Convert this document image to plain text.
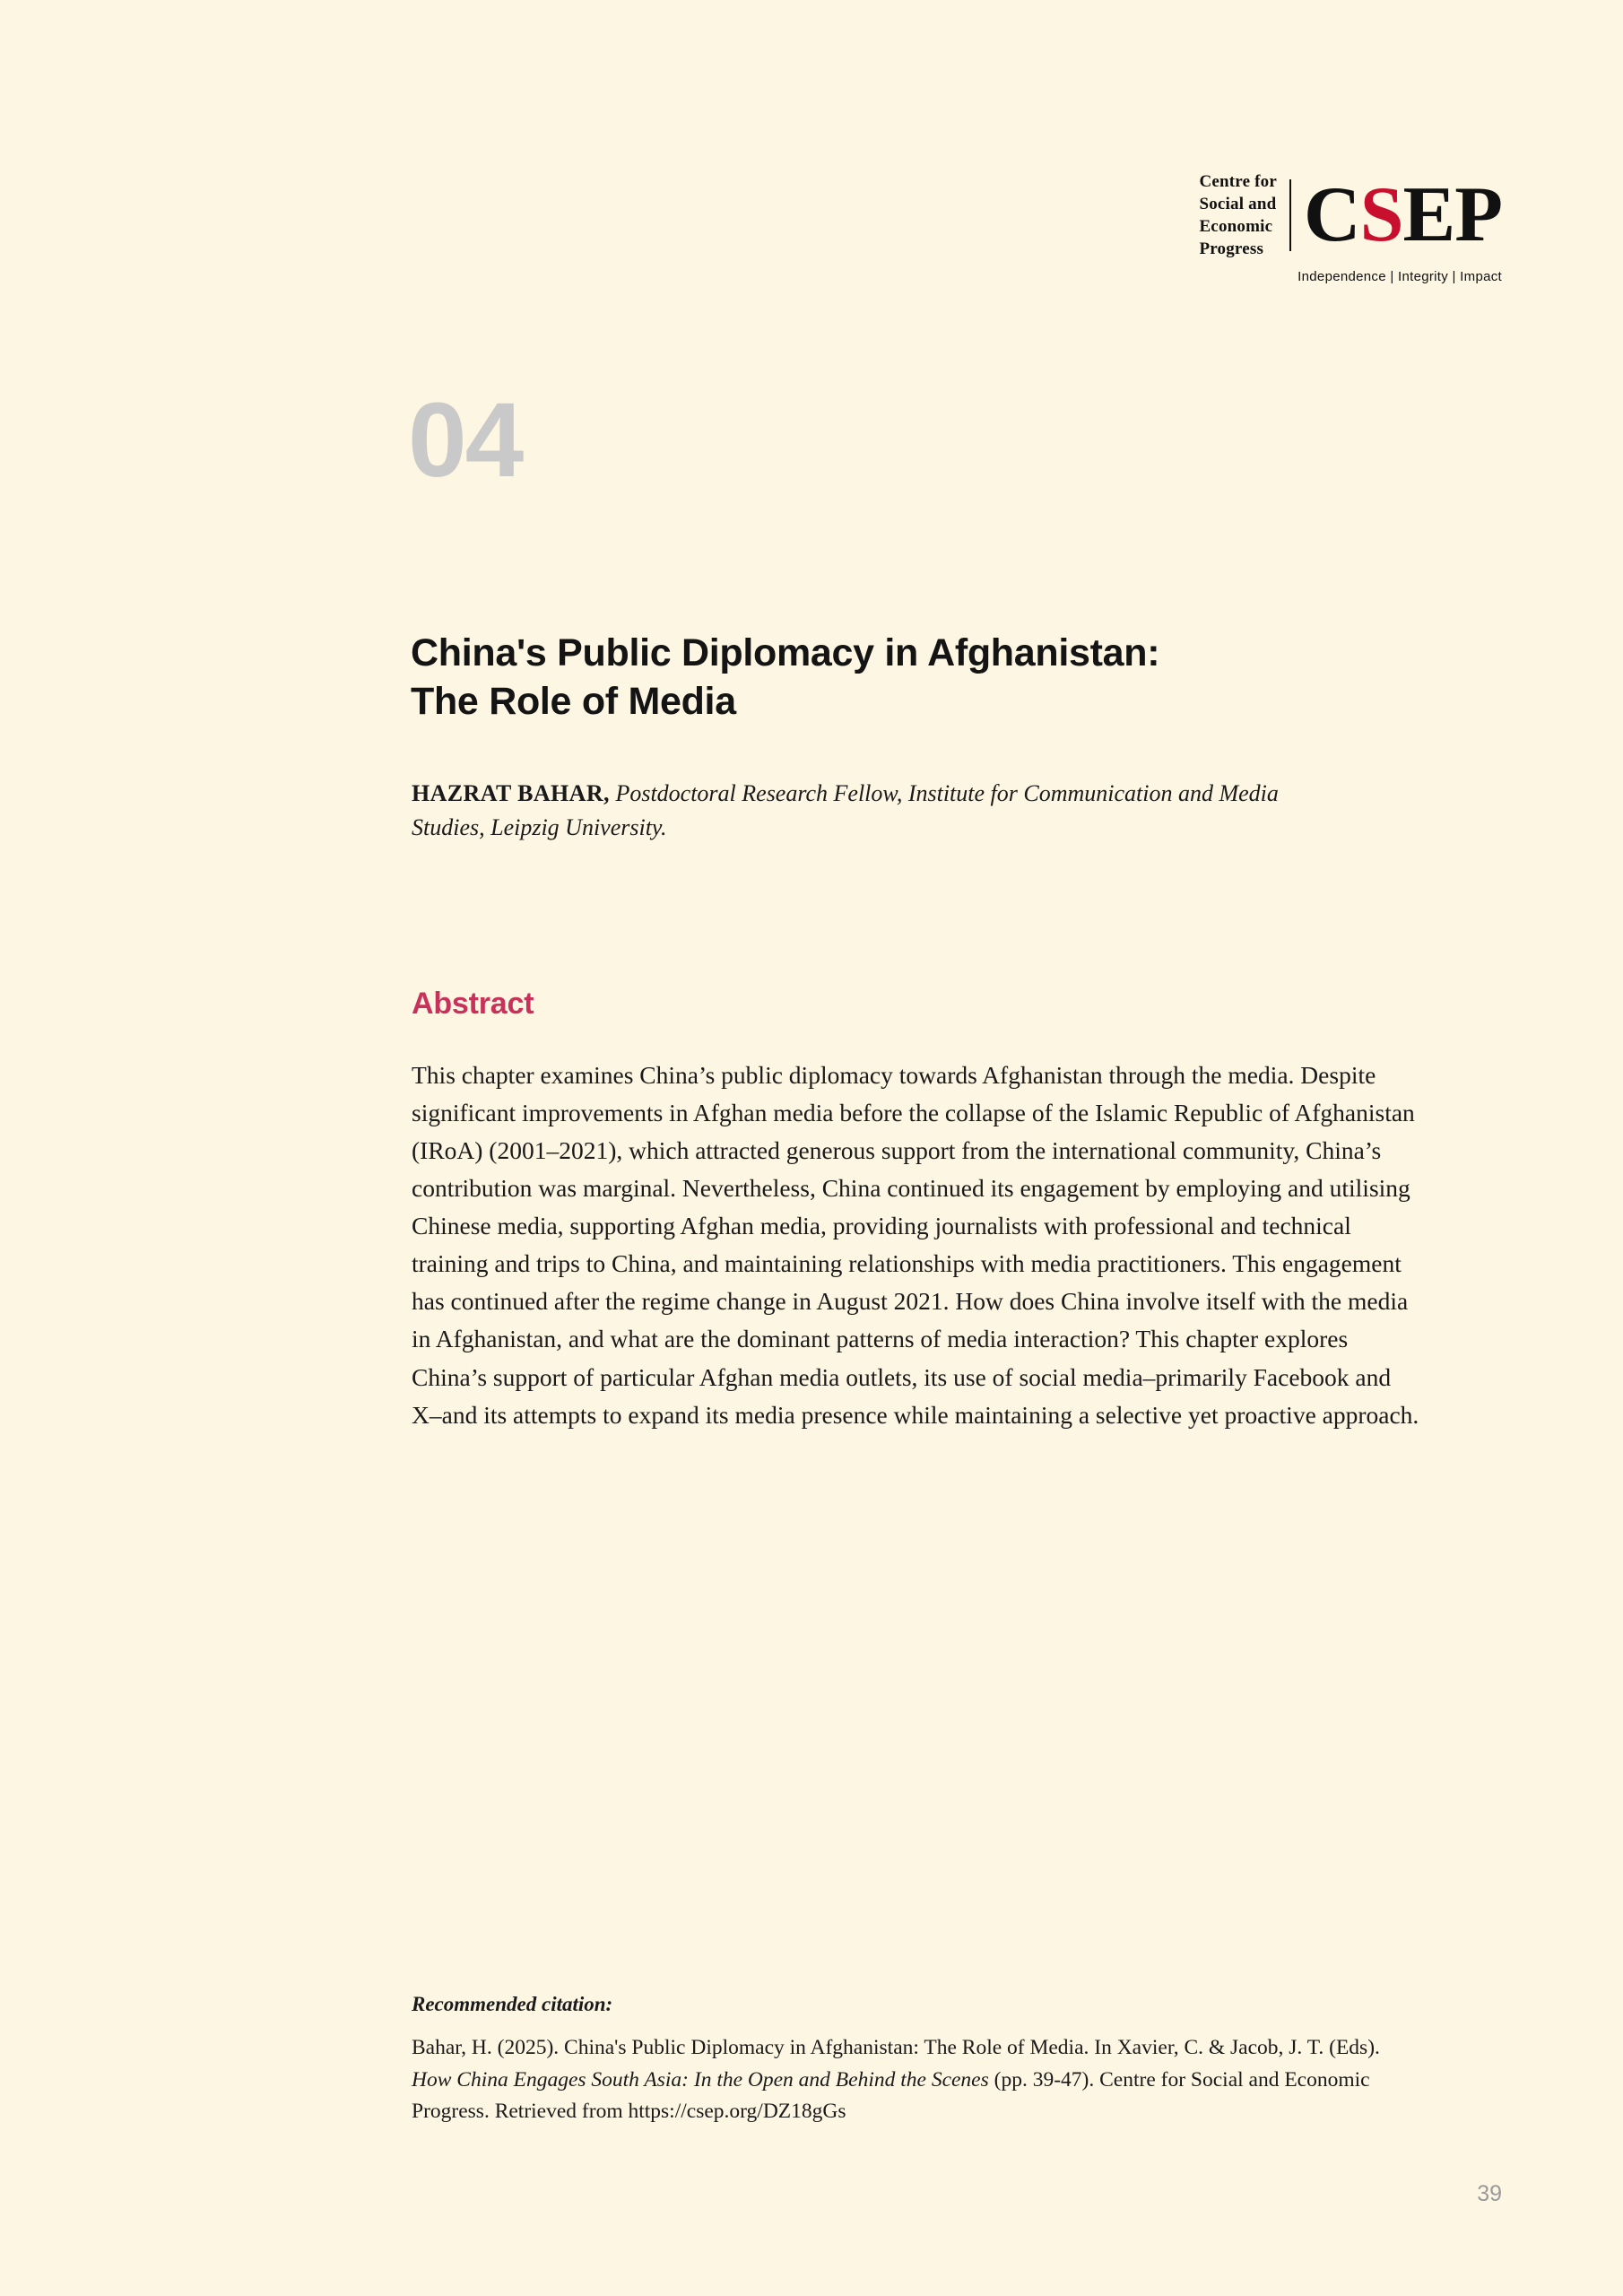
Centre for
Social and
Economic
Progress CSEP
Independence | Integrity | Impact
04
China's Public Diplomacy in Afghanistan:
The Role of Media
HAZRAT BAHAR, Postdoctoral Research Fellow, Institute for Communication and Media Studies, Leipzig University.
Abstract
This chapter examines China’s public diplomacy towards Afghanistan through the media. Despite significant improvements in Afghan media before the collapse of the Islamic Republic of Afghanistan (IRoA) (2001–2021), which attracted generous support from the international community, China’s contribution was marginal. Nevertheless, China continued its engagement by employing and utilising Chinese media, supporting Afghan media, providing journalists with professional and technical training and trips to China, and maintaining relationships with media practitioners. This engagement has continued after the regime change in August 2021. How does China involve itself with the media in Afghanistan, and what are the dominant patterns of media interaction? This chapter explores China’s support of particular Afghan media outlets, its use of social media–primarily Facebook and X–and its attempts to expand its media presence while maintaining a selective yet proactive approach.
Recommended citation:
Bahar, H. (2025). China's Public Diplomacy in Afghanistan: The Role of Media. In Xavier, C. & Jacob, J. T. (Eds). How China Engages South Asia: In the Open and Behind the Scenes (pp. 39-47). Centre for Social and Economic Progress. Retrieved from https://csep.org/DZ18gGs
39
